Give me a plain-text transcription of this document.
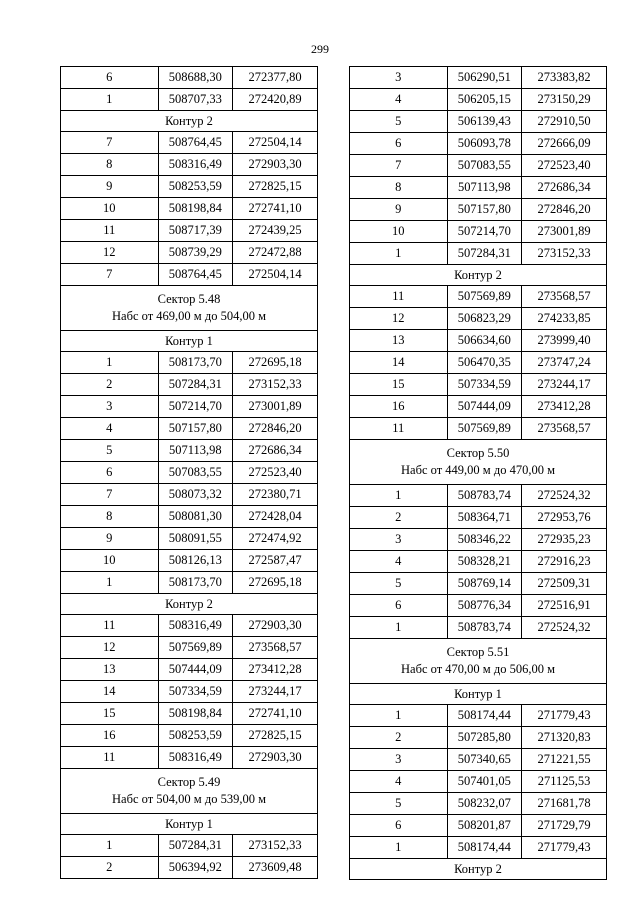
299
6	508688,30	272377,80
1	508707,33	272420,89
Контур 2		
7	508764,45	272504,14
8	508316,49	272903,30
9	508253,59	272825,15
10	508198,84	272741,10
11	508717,39	272439,25
12	508739,29	272472,88
7	508764,45	272504,14

Сектор 5.48
Набс от 469,00 м до 504,00 м		

Контур 1		
1	508173,70	272695,18
2	507284,31	273152,33
3	507214,70	273001,89
4	507157,80	272846,20
5	507113,98	272686,34
6	507083,55	272523,40
7	508073,32	272380,71
8	508081,30	272428,04
9	508091,55	272474,92
10	508126,13	272587,47
1	508173,70	272695,18
Контур 2		
11	508316,49	272903,30
12	507569,89	273568,57
13	507444,09	273412,28
14	507334,59	273244,17
15	508198,84	272741,10
16	508253,59	272825,15
11	508316,49	272903,30

Сектор 5.49
Набс от 504,00 м до 539,00 м		

Контур 1		
1	507284,31	273152,33
2	506394,92	273609,48
3	506290,51	273383,82
4	506205,15	273150,29
5	506139,43	272910,50
6	506093,78	272666,09
7	507083,55	272523,40
8	507113,98	272686,34
9	507157,80	272846,20
10	507214,70	273001,89
1	507284,31	273152,33
Контур 2		
11	507569,89	273568,57
12	506823,29	274233,85
13	506634,60	273999,40
14	506470,35	273747,24
15	507334,59	273244,17
16	507444,09	273412,28
11	507569,89	273568,57

Сектор 5.50
Набс от 449,00 м до 470,00 м		

1	508783,74	272524,32
2	508364,71	272953,76
3	508346,22	272935,23
4	508328,21	272916,23
5	508769,14	272509,31
6	508776,34	272516,91
1	508783,74	272524,32

Сектор 5.51
Набс от 470,00 м до 506,00 м		

Контур 1		
1	508174,44	271779,43
2	507285,80	271320,83
3	507340,65	271221,55
4	507401,05	271125,53
5	508232,07	271681,78
6	508201,87	271729,79
1	508174,44	271779,43
Контур 2		
